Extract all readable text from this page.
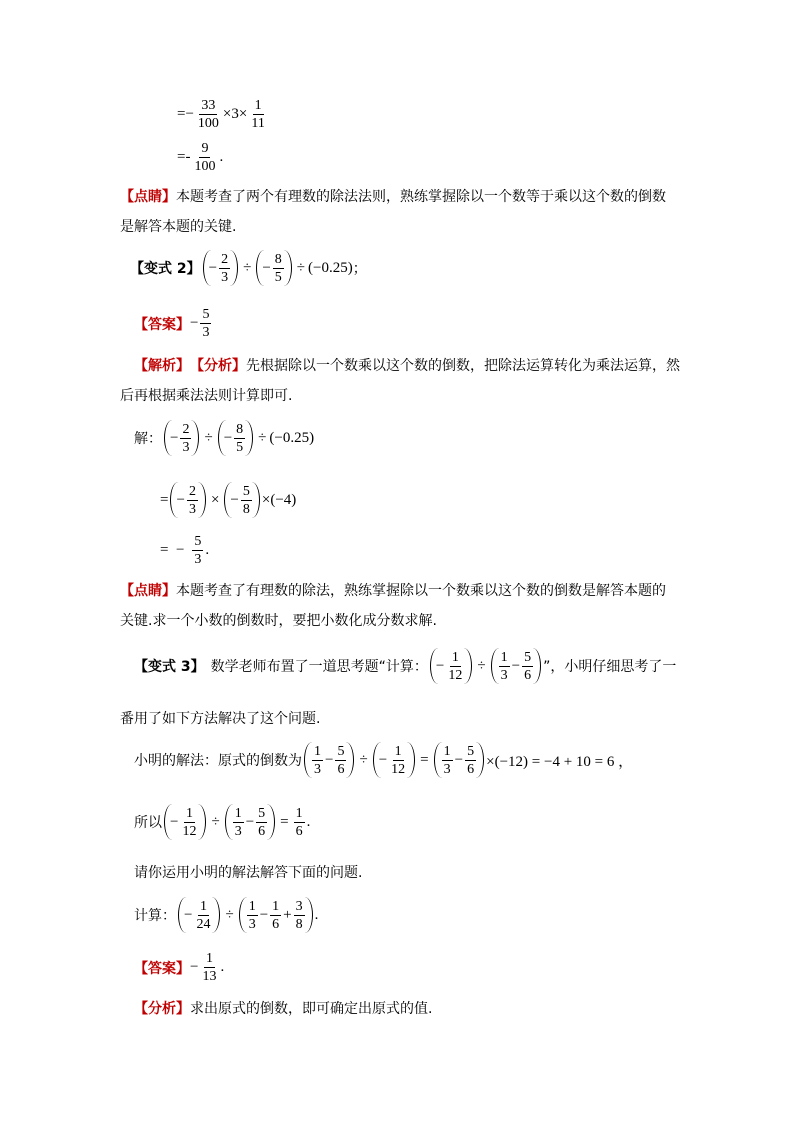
=− $\frac{33}{100} \times 3\times \frac{1}{11}$
=- $\frac{9}{100}$ .
【点睛】 本题考查了两个有理数的除法法则，熟练掌握除以一个数等于乘以这个数的倒数
是解答本题的关键.
【变式 2】 − $\frac{2}{3}$ ÷ − $\frac{8}{5} \div (-0.25)$ ；
【答案】 − $\frac{5}{3}$
【解析】 【分析】 先根据除以一个数乘以这个数的倒数，把除法运算转化为乘法运算，然
后再根据乘法法则计算即可.
解： − $\frac{2}{3}$ ÷ − $\frac{8}{5} \div (-0.25)$
= − $\frac{2}{3}$ × − $\frac{5}{8} \times(-4)$
=  − $\frac{5}{3}$ .
【点睛】 本题考查了有理数的除法，熟练掌握除以一个数乘以这个数的倒数是解答本题的
关键.求一个小数的倒数时，要把小数化成分数求解.
【变式 3】 数学老师布置了一道思考题“计算： − $\frac{1}{12} \div \frac{1}{3} - \frac{5}{6}$ ”，小明仔细思考了一
番用了如下方法解决了这个问题.
小明的解法：原式的倒数为 $\frac{1}{3} - \frac{5}{6}$ ÷ − $\frac{1}{12} = \frac{1}{3} - \frac{5}{6} \times(-12) = -4 + 10 = 6$ ，
所以 − $\frac{1}{12} \div \frac{1}{3} - \frac{5}{6} = \frac{1}{6}$ .
请你运用小明的解法解答下面的问题.
计算： − $\frac{1}{24} \div \frac{1}{3} - \frac{1}{6} + \frac{3}{8}$ .
【答案】 − $\frac{1}{13}$ .
【分析】 求出原式的倒数，即可确定出原式的值.
